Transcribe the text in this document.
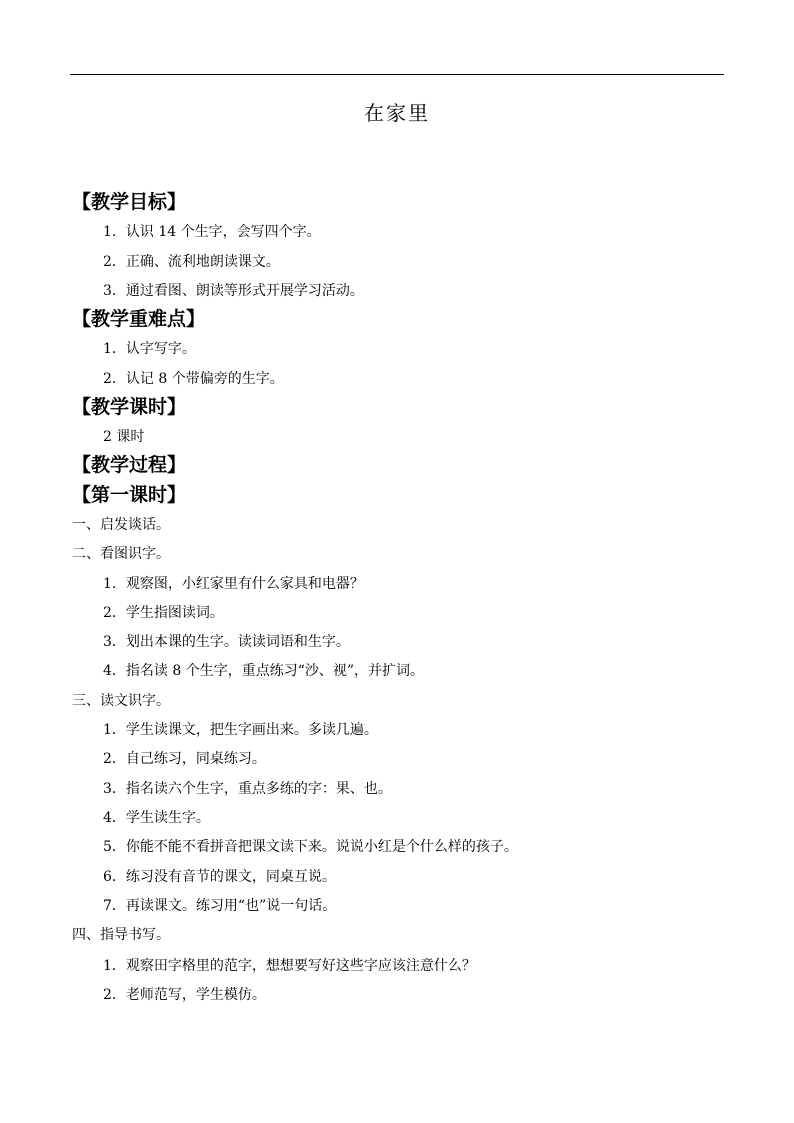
在家里
【教学目标】
1．认识 14 个生字，会写四个字。
2．正确、流利地朗读课文。
3．通过看图、朗读等形式开展学习活动。
【教学重难点】
1．认字写字。
2．认记 8 个带偏旁的生字。
【教学课时】
2 课时
【教学过程】
【第一课时】
一、启发谈话。
二、看图识字。
1．观察图，小红家里有什么家具和电器？
2．学生指图读词。
3．划出本课的生字。读读词语和生字。
4．指名读 8 个生字，重点练习“沙、视”，并扩词。
三、读文识字。
1．学生读课文，把生字画出来。多读几遍。
2．自己练习，同桌练习。
3．指名读六个生字，重点多练的字：果、也。
4．学生读生字。
5．你能不能不看拼音把课文读下来。说说小红是个什么样的孩子。
6．练习没有音节的课文，同桌互说。
7．再读课文。练习用“也”说一句话。
四、指导书写。
1．观察田字格里的范字，想想要写好这些字应该注意什么？
2．老师范写，学生模仿。
